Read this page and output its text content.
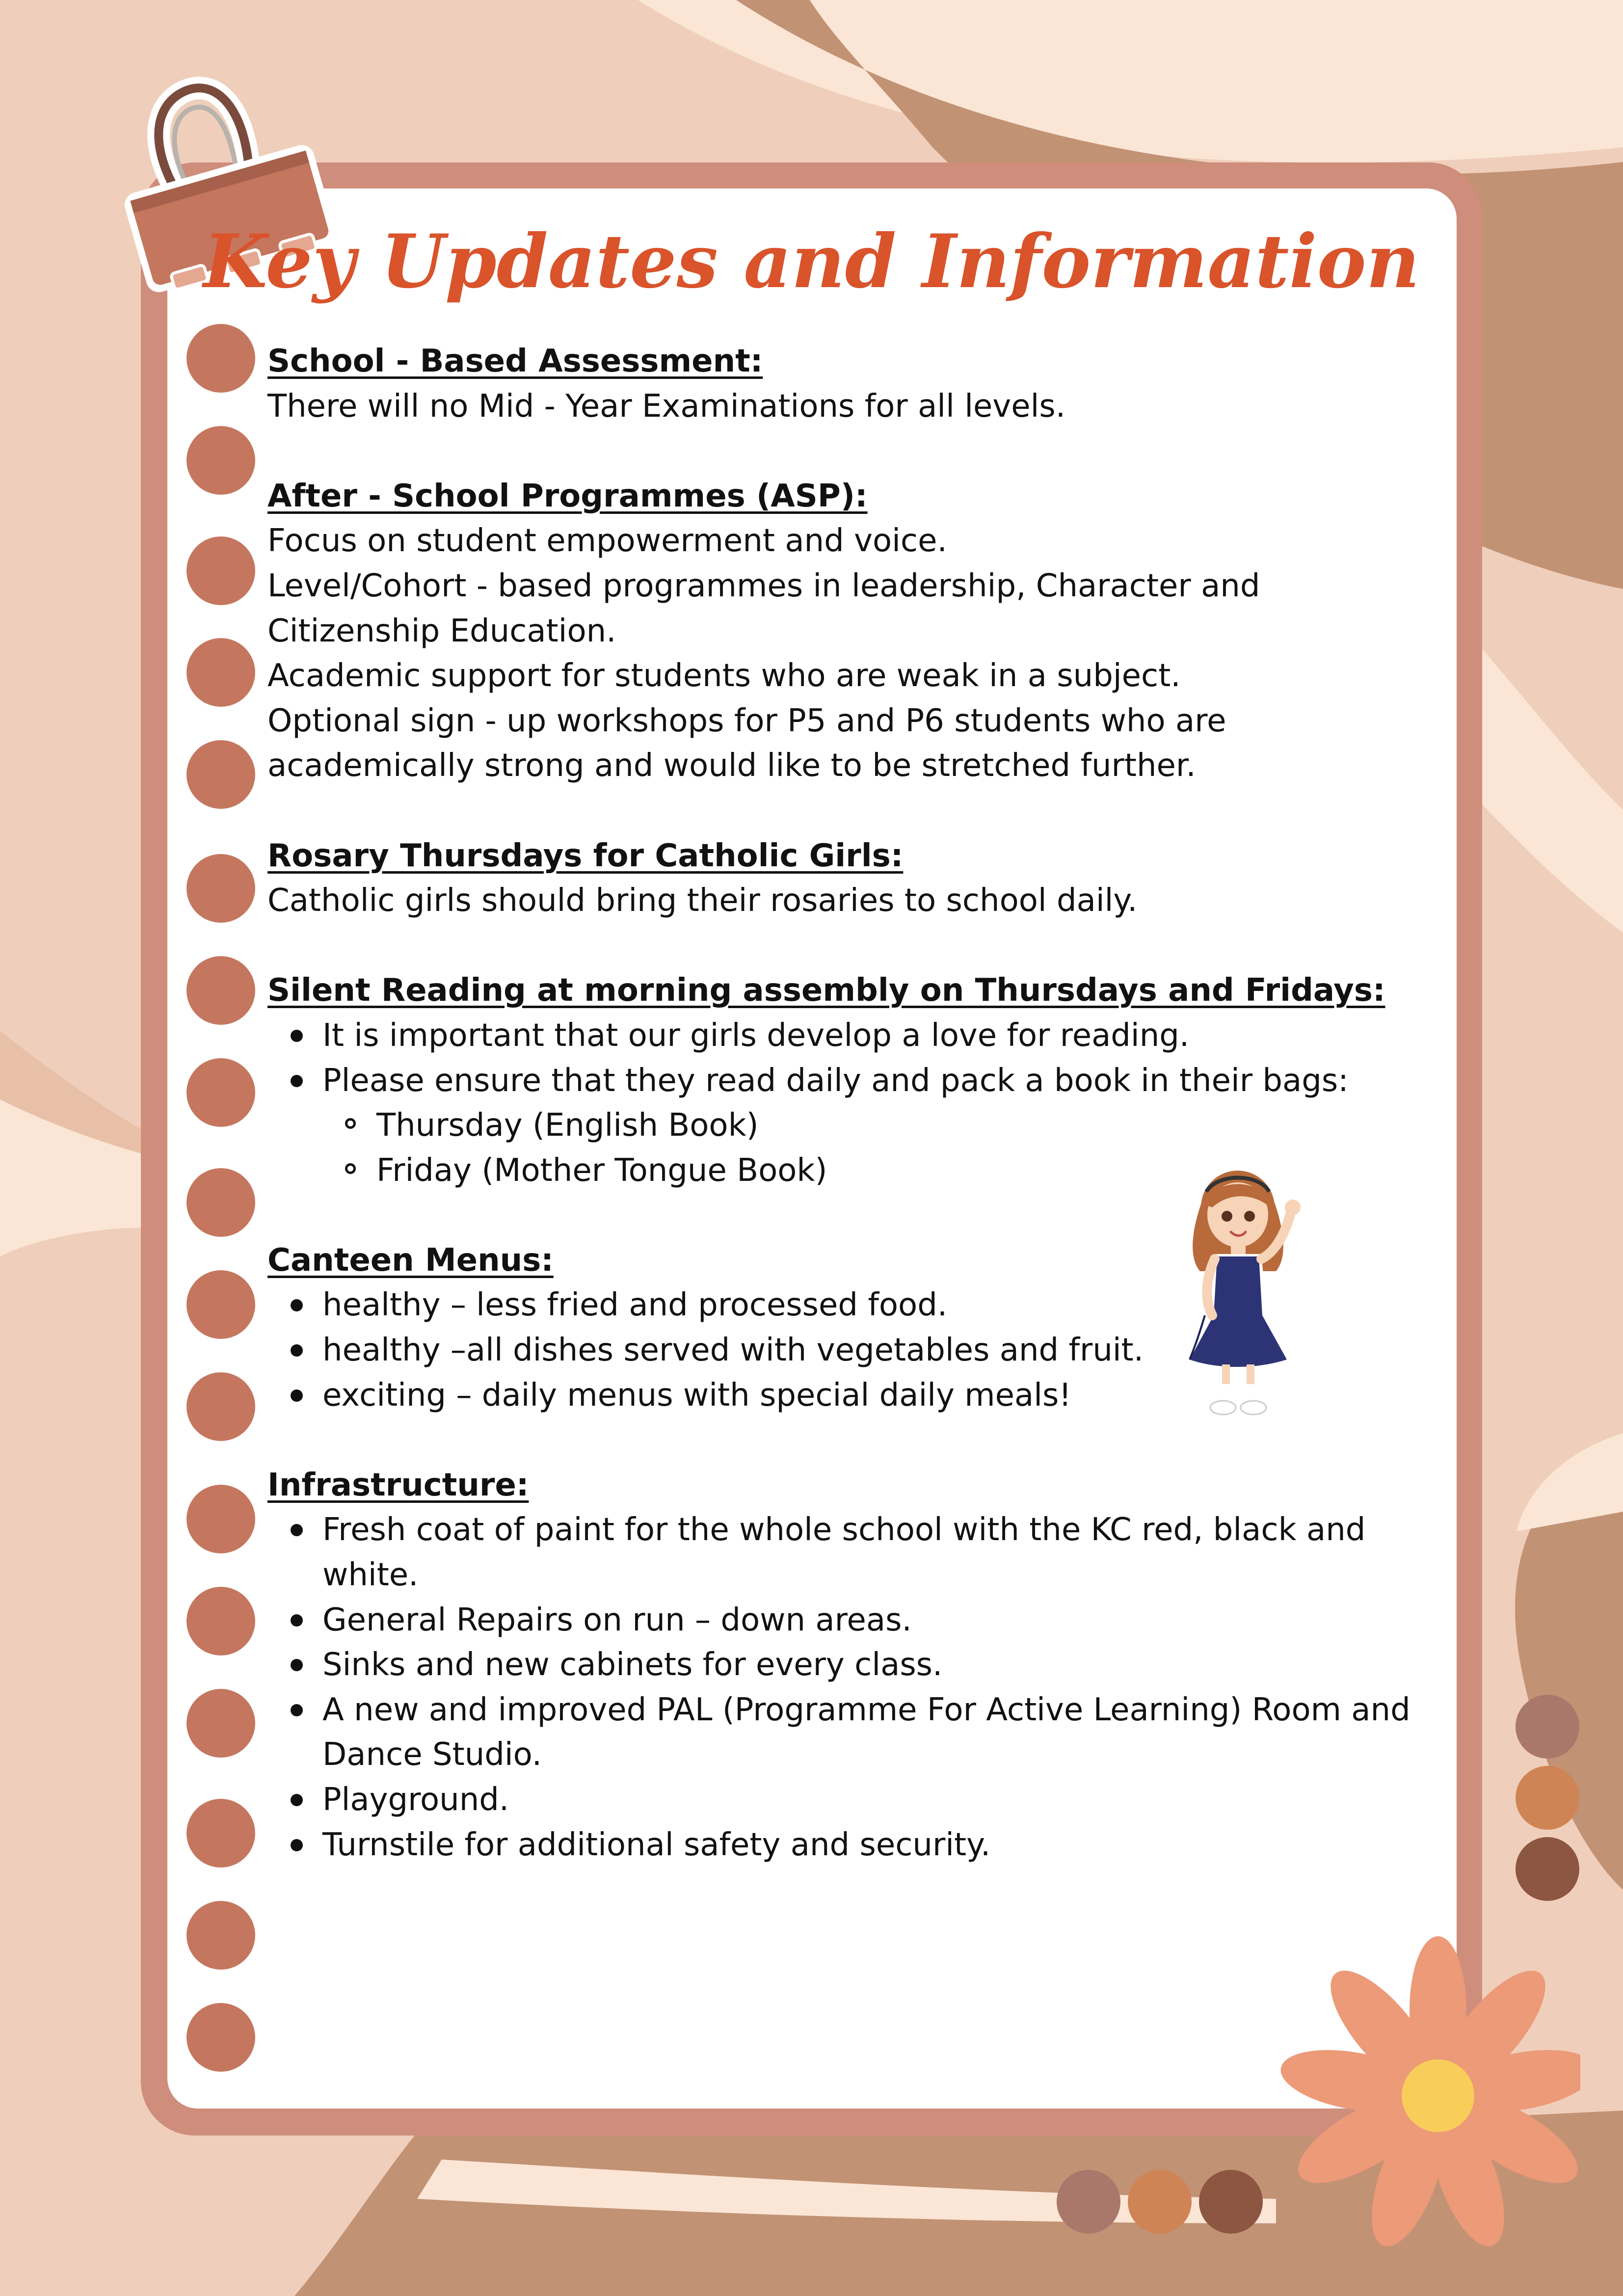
Key Updates and Information
School - Based Assessment:
There will no Mid - Year Examinations for all levels.
After - School Programmes (ASP):
Focus on student empowerment and voice.
Level/Cohort - based programmes in leadership, Character and Citizenship Education.
Academic support for students who are weak in a subject.
Optional sign - up workshops for P5 and P6 students who are academically strong and would like to be stretched further.
Rosary Thursdays for Catholic Girls:
Catholic girls should bring their rosaries to school daily.
Silent Reading at morning assembly on Thursdays and Fridays:
It is important that our girls develop a love for reading.
Please ensure that they read daily and pack a book in their bags:
Thursday (English Book)
Friday (Mother Tongue Book)
Canteen Menus:
healthy – less fried and processed food.
healthy –all dishes served with vegetables and fruit.
exciting – daily menus with special daily meals!
Infrastructure:
Fresh coat of paint for the whole school with the KC red, black and white.
General Repairs on run – down areas.
Sinks and new cabinets for every class.
A new and improved PAL (Programme For Active Learning) Room and Dance Studio.
Playground.
Turnstile for additional safety and security.
